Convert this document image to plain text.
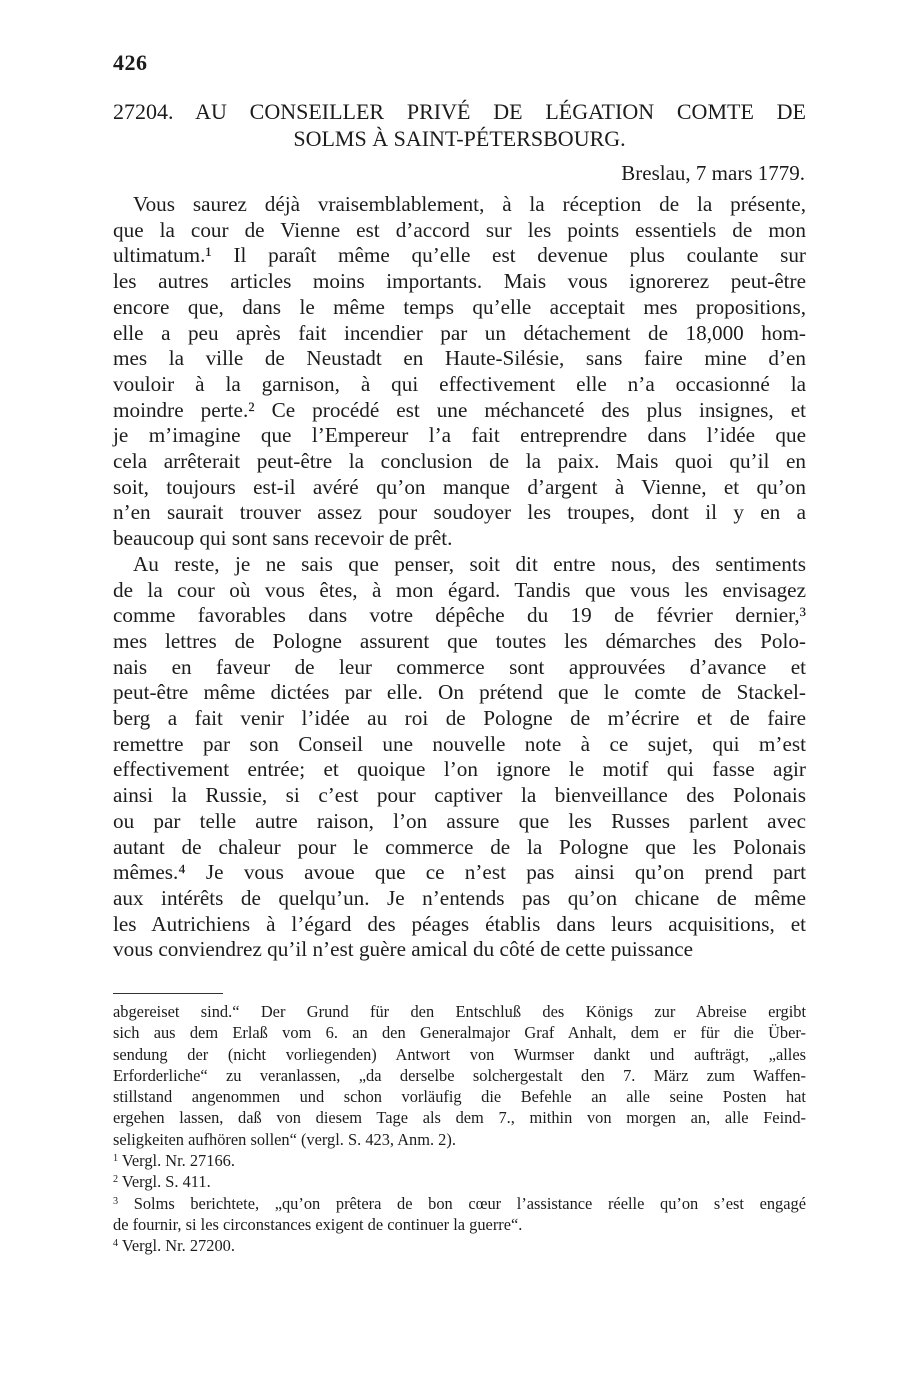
426
27204. AU CONSEILLER PRIVÉ DE LÉGATION COMTE DE
SOLMS À SAINT-PÉTERSBOURG.
Breslau, 7 mars 1779.
Vous saurez déjà vraisemblablement, à la réception de la présente,
que la cour de Vienne est d’accord sur les points essentiels de mon
ultimatum.¹ Il paraît même qu’elle est devenue plus coulante sur
les autres articles moins importants. Mais vous ignorerez peut-être
encore que, dans le même temps qu’elle acceptait mes propositions,
elle a peu après fait incendier par un détachement de 18,000 hom-
mes la ville de Neustadt en Haute-Silésie, sans faire mine d’en
vouloir à la garnison, à qui effectivement elle n’a occasionné la
moindre perte.² Ce procédé est une méchanceté des plus insignes, et
je m’imagine que l’Empereur l’a fait entreprendre dans l’idée que
cela arrêterait peut-être la conclusion de la paix. Mais quoi qu’il en
soit, toujours est-il avéré qu’on manque d’argent à Vienne, et qu’on
n’en saurait trouver assez pour soudoyer les troupes, dont il y en a
beaucoup qui sont sans recevoir de prêt.
Au reste, je ne sais que penser, soit dit entre nous, des sentiments
de la cour où vous êtes, à mon égard. Tandis que vous les envisagez
comme favorables dans votre dépêche du 19 de février dernier,³
mes lettres de Pologne assurent que toutes les démarches des Polo-
nais en faveur de leur commerce sont approuvées d’avance et
peut-être même dictées par elle. On prétend que le comte de Stackel-
berg a fait venir l’idée au roi de Pologne de m’écrire et de faire
remettre par son Conseil une nouvelle note à ce sujet, qui m’est
effectivement entrée; et quoique l’on ignore le motif qui fasse agir
ainsi la Russie, si c’est pour captiver la bienveillance des Polonais
ou par telle autre raison, l’on assure que les Russes parlent avec
autant de chaleur pour le commerce de la Pologne que les Polonais
mêmes.⁴ Je vous avoue que ce n’est pas ainsi qu’on prend part
aux intérêts de quelqu’un. Je n’entends pas qu’on chicane de même
les Autrichiens à l’égard des péages établis dans leurs acquisitions, et
vous conviendrez qu’il n’est guère amical du côté de cette puissance
abgereiset sind.“ Der Grund für den Entschluß des Königs zur Abreise ergibt
sich aus dem Erlaß vom 6. an den Generalmajor Graf Anhalt, dem er für die Über-
sendung der (nicht vorliegenden) Antwort von Wurmser dankt und aufträgt, „alles
Erforderliche“ zu veranlassen, „da derselbe solchergestalt den 7. März zum Waffen-
stillstand angenommen und schon vorläufig die Befehle an alle seine Posten hat
ergehen lassen, daß von diesem Tage als dem 7., mithin von morgen an, alle Feind-
seligkeiten aufhören sollen“ (vergl. S. 423, Anm. 2).
$^1$ Vergl. Nr. 27166.
$^2$ Vergl. S. 411.
$^3$ Solms berichtete, „qu’on prêtera de bon cœur l’assistance réelle qu’on s’est engagé
de fournir, si les circonstances exigent de continuer la guerre“.
$^4$ Vergl. Nr. 27200.
